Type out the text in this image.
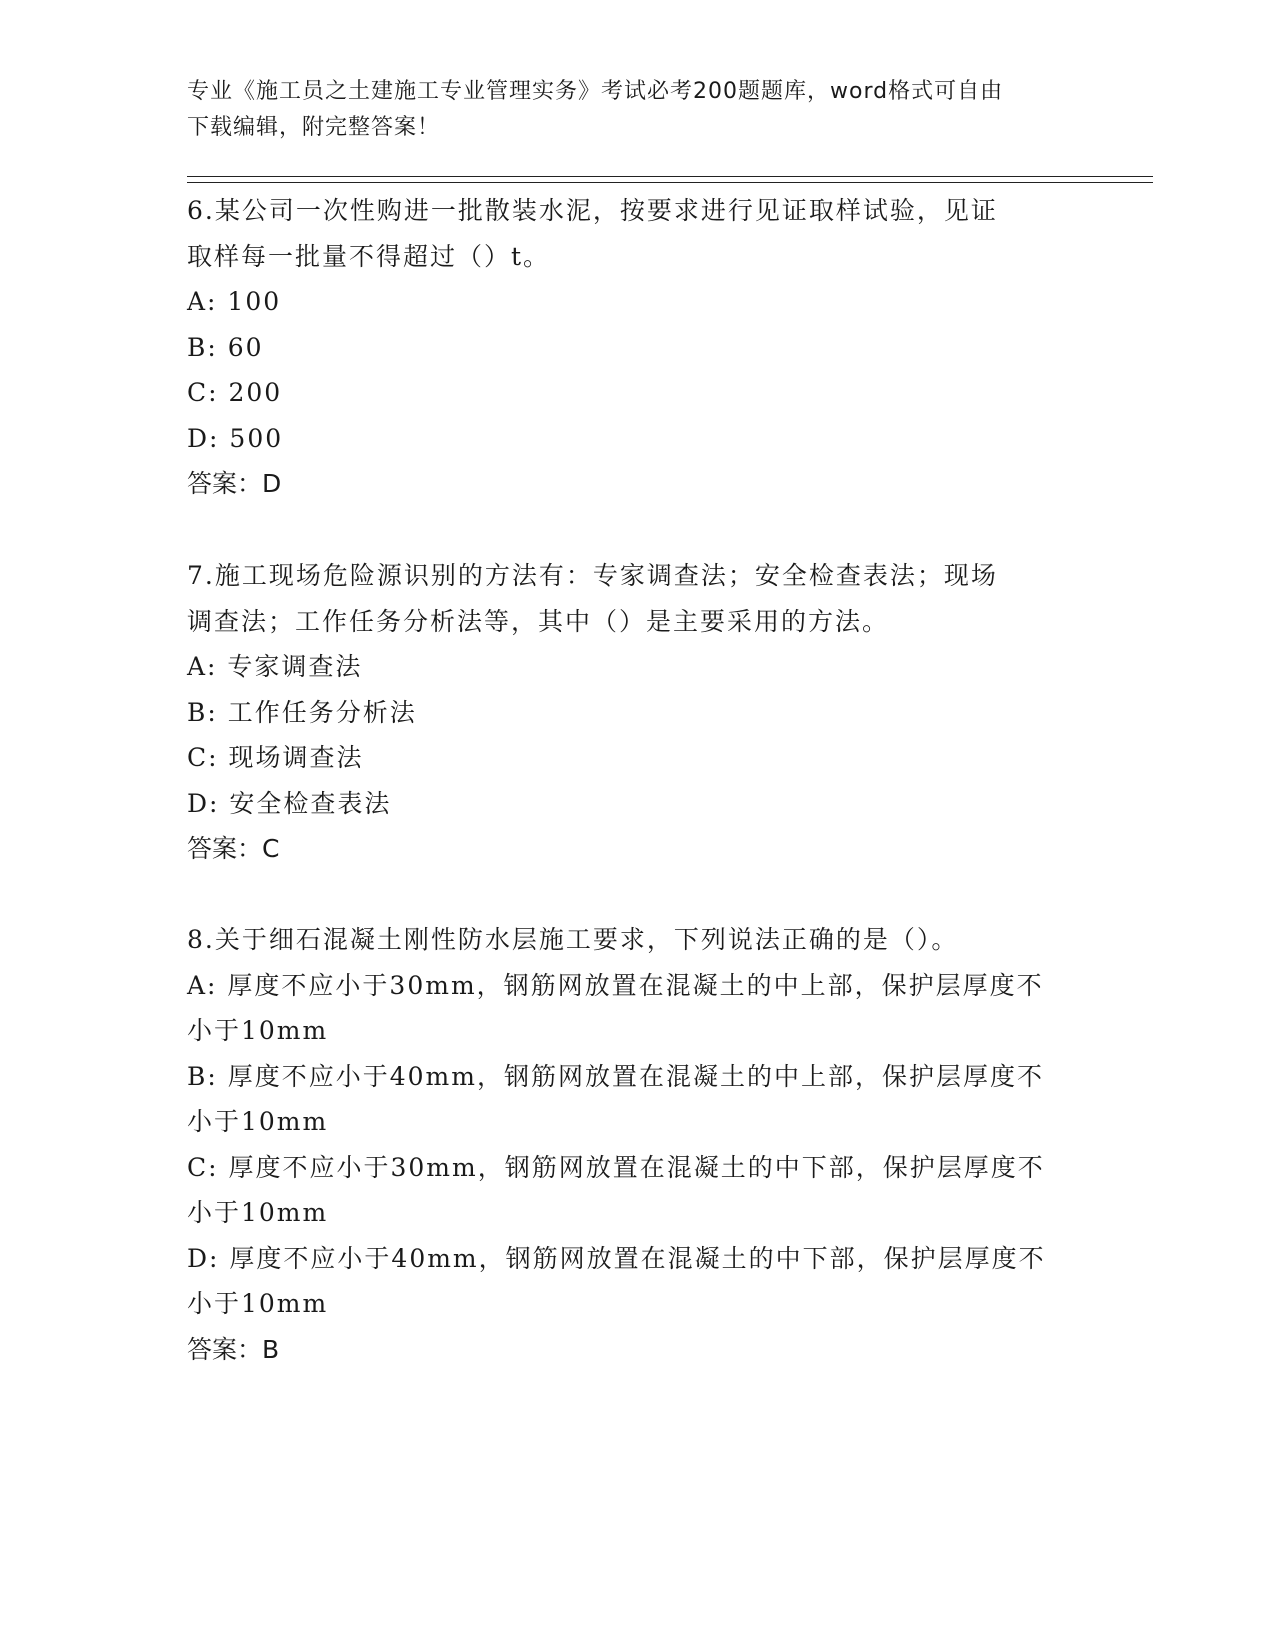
专业《施工员之土建施工专业管理实务》考试必考200题题库，word格式可自由
下载编辑，附完整答案！
6.某公司一次性购进一批散装水泥，按要求进行见证取样试验，见证
取样每一批量不得超过（）t。
A: 100
B: 60
C: 200
D: 500
答案：D
7.施工现场危险源识别的方法有：专家调查法；安全检查表法；现场
调查法；工作任务分析法等，其中（）是主要采用的方法。
A: 专家调查法
B: 工作任务分析法
C: 现场调查法
D: 安全检查表法
答案：C
8.关于细石混凝土刚性防水层施工要求，下列说法正确的是（）。
A: 厚度不应小于30mm，钢筋网放置在混凝土的中上部，保护层厚度不
小于10mm
B: 厚度不应小于40mm，钢筋网放置在混凝土的中上部，保护层厚度不
小于10mm
C: 厚度不应小于30mm，钢筋网放置在混凝土的中下部，保护层厚度不
小于10mm
D: 厚度不应小于40mm，钢筋网放置在混凝土的中下部，保护层厚度不
小于10mm
答案：B
